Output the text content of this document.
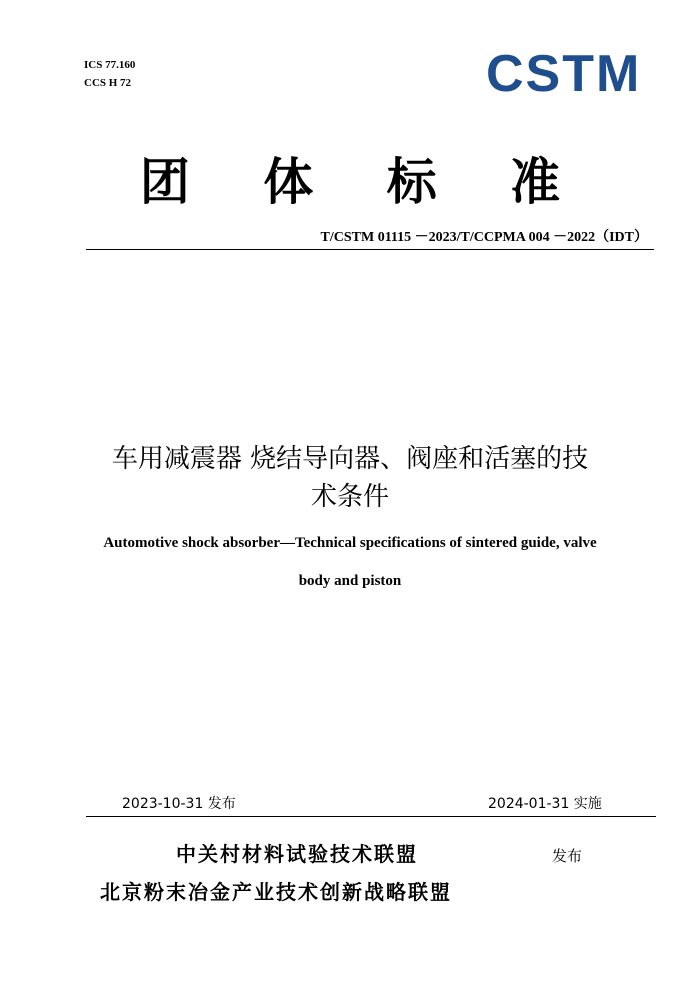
ICS 77.160
CCS H 72	CSTM
团 体 标 准
T/CSTM 01115 －2023/T/CCPMA 004 －2022（IDT）
车用减震器 烧结导向器、阀座和活塞的技
术条件
Automotive shock absorber—Technical specifications of sintered guide, valve
body and piston
2023-10-31 发布	2024-01-31 实施
中关村材料试验技术联盟	发布
北京粉末冶金产业技术创新战略联盟
